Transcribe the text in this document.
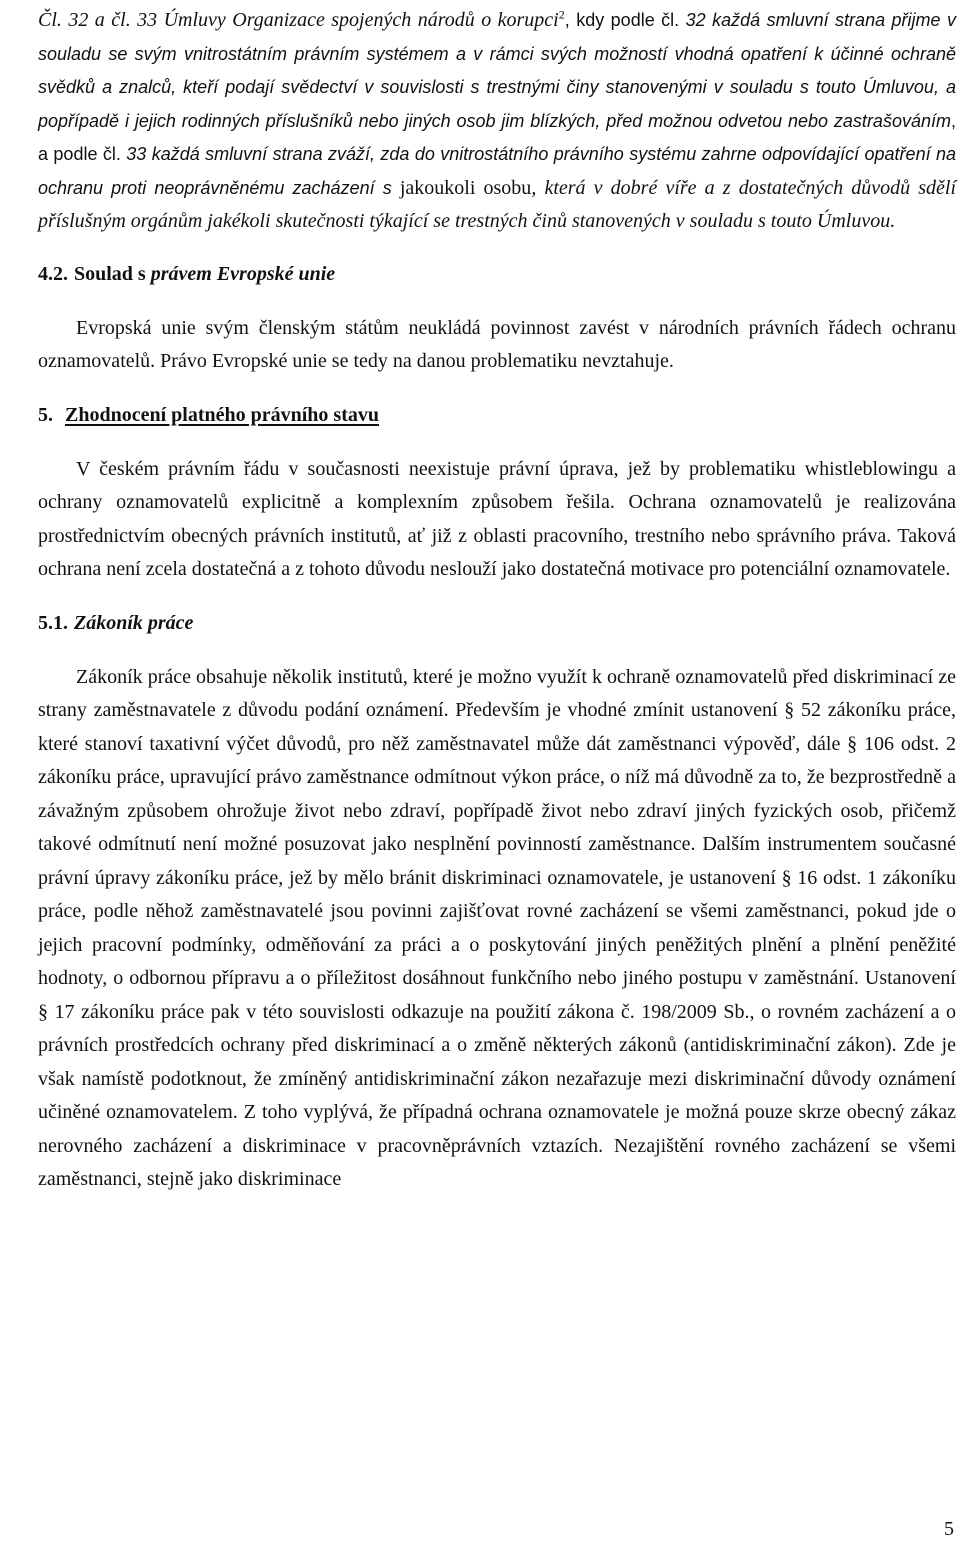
Čl. 32 a čl. 33 Úmluvy Organizace spojených národů o korupci$^2$, kdy podle čl. 32 každá smluvní strana přijme v souladu se svým vnitrostátním právním systémem a v rámci svých možností vhodná opatření k účinné ochraně svědků a znalců, kteří podají svědectví v souvislosti s trestnými činy stanovenými v souladu s touto Úmluvou, a popřípadě i jejich rodinných příslušníků nebo jiných osob jim blízkých, před možnou odvetou nebo zastrašováním, a podle čl. 33 každá smluvní strana zváží, zda do vnitrostátního právního systému zahrne odpovídající opatření na ochranu proti neoprávněnému zacházení s jakoukoli osobu, která v dobré víře a z dostatečných důvodů sdělí příslušným orgánům jakékoli skutečnosti týkající se trestných činů stanovených v souladu s touto Úmluvou.

4.2. Soulad s právem Evropské unie

Evropská unie svým členským státům neukládá povinnost zavést v národních právních řádech ochranu oznamovatelů. Právo Evropské unie se tedy na danou problematiku nevztahuje.

5. Zhodnocení platného právního stavu

V českém právním řádu v současnosti neexistuje právní úprava, jež by problematiku whistleblowingu a ochrany oznamovatelů explicitně a komplexním způsobem řešila. Ochrana oznamovatelů je realizována prostřednictvím obecných právních institutů, ať již z oblasti pracovního, trestního nebo správního práva. Taková ochrana není zcela dostatečná a z tohoto důvodu neslouží jako dostatečná motivace pro potenciální oznamovatele.

5.1. Zákoník práce

Zákoník práce obsahuje několik institutů, které je možno využít k ochraně oznamovatelů před diskriminací ze strany zaměstnavatele z důvodu podání oznámení. Především je vhodné zmínit ustanovení § 52 zákoníku práce, které stanoví taxativní výčet důvodů, pro něž zaměstnavatel může dát zaměstnanci výpověď, dále § 106 odst. 2 zákoníku práce, upravující právo zaměstnance odmítnout výkon práce, o níž má důvodně za to, že bezprostředně a závažným způsobem ohrožuje život nebo zdraví, popřípadě život nebo zdraví jiných fyzických osob, přičemž takové odmítnutí není možné posuzovat jako nesplnění povinností zaměstnance. Dalším instrumentem současné právní úpravy zákoníku práce, jež by mělo bránit diskriminaci oznamovatele, je ustanovení § 16 odst. 1 zákoníku práce, podle něhož zaměstnavatelé jsou povinni zajišťovat rovné zacházení se všemi zaměstnanci, pokud jde o jejich pracovní podmínky, odměňování za práci a o poskytování jiných peněžitých plnění a plnění peněžité hodnoty, o odbornou přípravu a o příležitost dosáhnout funkčního nebo jiného postupu v zaměstnání. Ustanovení § 17 zákoníku práce pak v této souvislosti odkazuje na použití zákona č. 198/2009 Sb., o rovném zacházení a o právních prostředcích ochrany před diskriminací a o změně některých zákonů (antidiskriminační zákon). Zde je však namístě podotknout, že zmíněný antidiskriminační zákon nezařazuje mezi diskriminační důvody oznámení učiněné oznamovatelem. Z toho vyplývá, že případná ochrana oznamovatele je možná pouze skrze obecný zákaz nerovného zacházení a diskriminace v pracovněprávních vztazích. Nezajištění rovného zacházení se všemi zaměstnanci, stejně jako diskriminace

5
